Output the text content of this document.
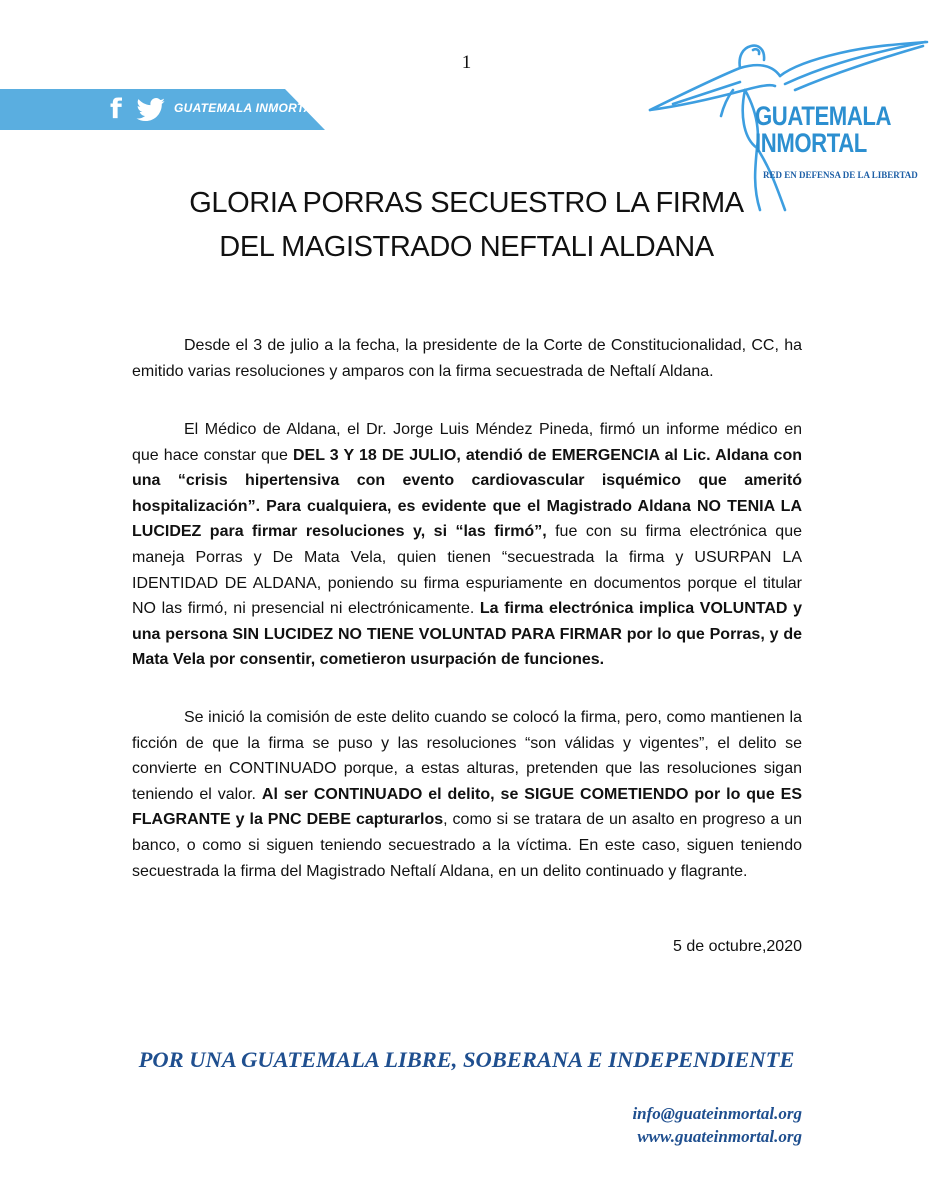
1
f	GUATEMALA INMORTAL	GUATEMALA
INMORTAL
RED EN DEFENSA DE LA LIBERTAD
GLORIA PORRAS SECUESTRO LA FIRMA
DEL MAGISTRADO NEFTALI ALDANA

Desde el 3 de julio a la fecha, la presidente de la Corte de Constitucionalidad, CC, ha emitido varias resoluciones y amparos con la firma secuestrada de Neftalí Aldana.

El Médico de Aldana, el Dr. Jorge Luis Méndez Pineda, firmó un informe médico en que hace constar que DEL 3 Y 18 DE JULIO, atendió de EMERGENCIA al Lic. Aldana con una “crisis hipertensiva con evento cardiovascular isquémico que ameritó hospitalización”. Para cualquiera, es evidente que el Magistrado Aldana NO TENIA LA LUCIDEZ para firmar resoluciones y, si “las firmó”, fue con su firma electrónica que maneja Porras y De Mata Vela, quien tienen “secuestrada la firma y USURPAN LA IDENTIDAD DE ALDANA, poniendo su firma espuriamente en documentos porque el titular NO las firmó, ni presencial ni electrónicamente. La firma electrónica implica VOLUNTAD y una persona SIN LUCIDEZ NO TIENE VOLUNTAD PARA FIRMAR por lo que Porras, y de Mata Vela por consentir, cometieron usurpación de funciones.

Se inició la comisión de este delito cuando se colocó la firma, pero, como mantienen la ficción de que la firma se puso y las resoluciones “son válidas y vigentes”, el delito se convierte en CONTINUADO porque, a estas alturas, pretenden que las resoluciones sigan teniendo el valor. Al ser CONTINUADO el delito, se SIGUE COMETIENDO por lo que ES FLAGRANTE y la PNC DEBE capturarlos, como si se tratara de un asalto en progreso a un banco, o como si siguen teniendo secuestrado a la víctima. En este caso, siguen teniendo secuestrada la firma del Magistrado Neftalí Aldana, en un delito continuado y flagrante.

5 de octubre,2020
POR UNA GUATEMALA LIBRE, SOBERANA E INDEPENDIENTE
info@guateinmortal.org
www.guateinmortal.org
